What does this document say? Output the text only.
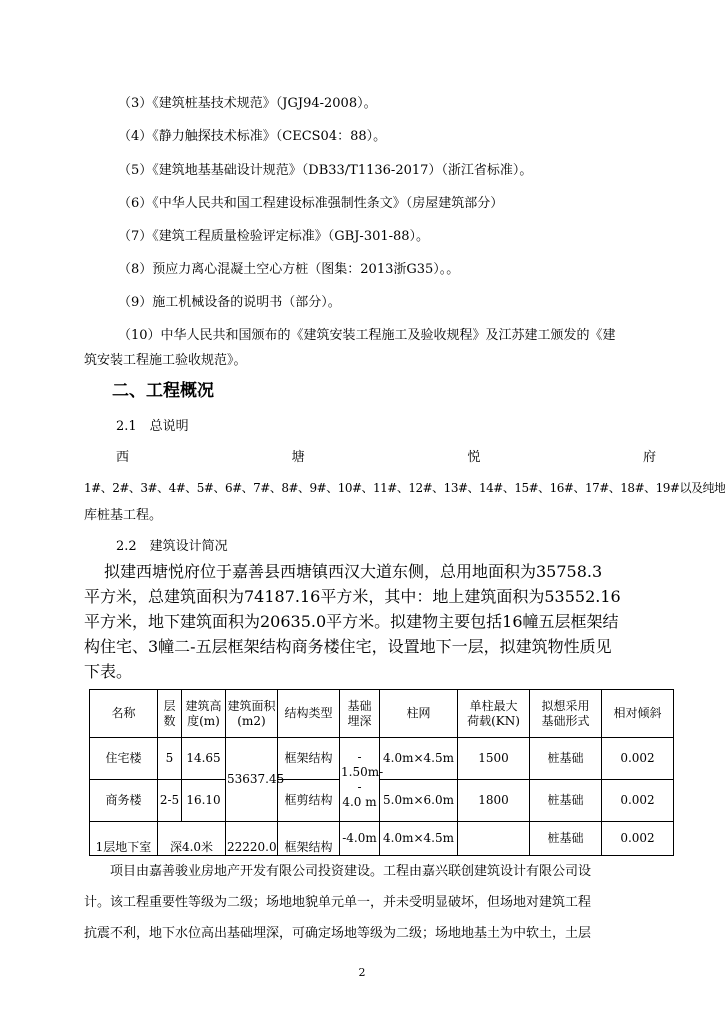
（3）《建筑桩基技术规范》（JGJ94-2008）。
（4）《静力触探技术标准》（CECS04：88）。
（5）《建筑地基基础设计规范》（DB33/T1136-2017）（浙江省标准）。
（6）《中华人民共和国工程建设标准强制性条文》（房屋建筑部分）
（7）《建筑工程质量检验评定标准》（GBJ-301-88）。
（8）预应力离心混凝土空心方桩（图集：2013浙G35）。。
（9）施工机械设备的说明书（部分）。
（10）中华人民共和国颁布的《建筑安装工程施工及验收规程》及江苏建工颁发的《建
筑安装工程施工验收规范》。
二、工程概况
2.1　总说明
西	塘	悦	府
1#、2#、3#、4#、5#、6#、7#、8#、9#、10#、11#、12#、13#、14#、15#、16#、17#、18#、19#以及纯地
库桩基工程。
2.2　建筑设计简况
拟建西塘悦府位于嘉善县西塘镇西汉大道东侧，总用地面积为35758.3
平方米，总建筑面积为74187.16平方米，其中：地上建筑面积为53552.16
平方米，地下建筑面积为20635.0平方米。拟建物主要包括16幢五层框架结
构住宅、3幢二-五层框架结构商务楼住宅，设置地下一层，拟建筑物性质见
下表。
名称	层
数	建筑高
度(m)	建筑面积
(m2)	结构类型	基础
埋深	柱网	单柱最大
荷载(KN)	拟想采用
基础形式	相对倾斜
住宅楼	5	14.65	53637.45	框架结构	-
1.50m--
4.0 m	4.0m×4.5m	1500	桩基础	0.002
商务楼	2-5	16.10		框剪结构		5.0m×6.0m	1800	桩基础	0.002
1层地下室	深4.0米		22220.0	框架结构	-4.0m	4.0m×4.5m		桩基础	0.002
　　项目由嘉善骏业房地产开发有限公司投资建设。工程由嘉兴联创建筑设计有限公司设
计。该工程重要性等级为二级；场地地貌单元单一，并未受明显破坏，但场地对建筑工程
抗震不利，地下水位高出基础埋深，可确定场地等级为二级；场地地基土为中软土，土层
2
